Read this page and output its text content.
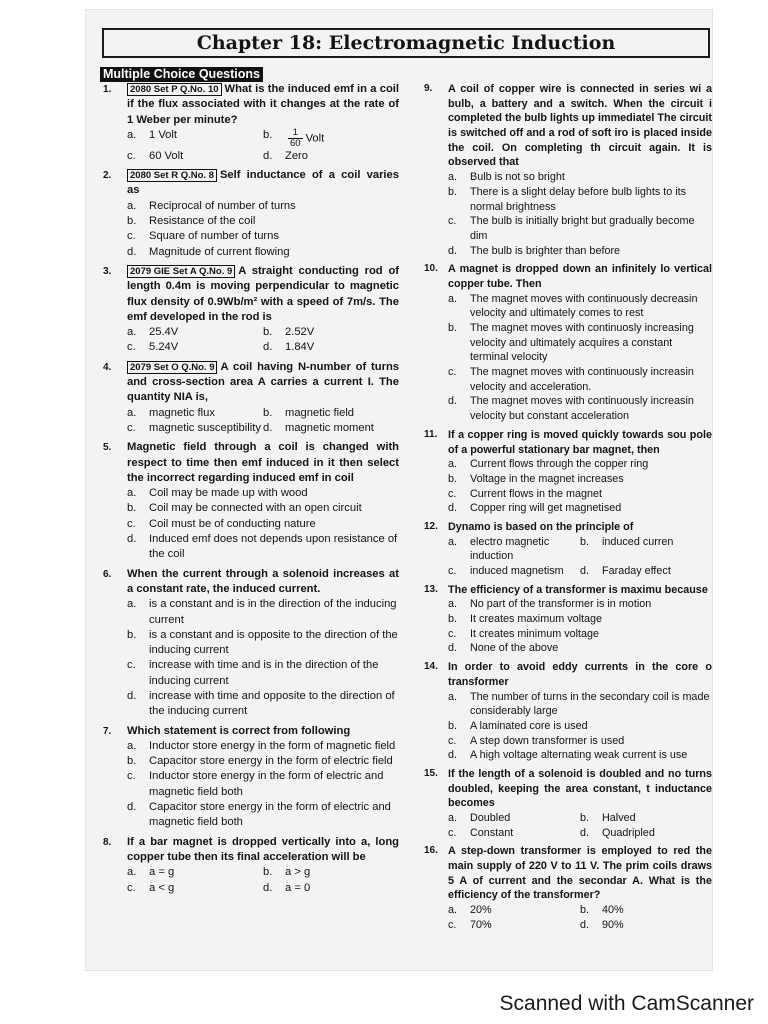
Chapter 18: Electromagnetic Induction
Multiple Choice Questions
1.	2080 Set P Q.No. 10 What is the induced emf in a coil if the flux associated with it changes at the rate of 1 Weber per minute?
a. 1 Volt	b. $\frac{1}{60}$ Volt
c. 60 Volt	d. Zero
2.	2080 Set R Q.No. 8 Self inductance of a coil varies as
a. Reciprocal of number of turns
b. Resistance of the coil
c. Square of number of turns
d. Magnitude of current flowing
3.	2079 GIE Set A Q.No. 9 A straight conducting rod of length 0.4m is moving perpendicular to magnetic flux density of 0.9Wb/m² with a speed of 7m/s. The emf developed in the rod is
a. 25.4V	b. 2.52V
c. 5.24V	d. 1.84V
4.	2079 Set O Q.No. 9 A coil having N-number of turns and cross-section area A carries a current I. The quantity NIA is,
a. magnetic flux	b. magnetic field
c. magnetic susceptibility d. magnetic moment
5. Magnetic field through a coil is changed with respect to time then emf induced in it then select the incorrect regarding induced emf in coil
a. Coil may be made up with wood
b. Coil may be connected with an open circuit
c. Coil must be of conducting nature
d. Induced emf does not depends upon resistance of the coil
6. When the current through a solenoid increases at a constant rate, the induced current.
a. is a constant and is in the direction of the inducing current
b. is a constant and is opposite to the direction of the inducing current
c. increase with time and is in the direction of the inducing current
d. increase with time and opposite to the direction of the inducing current
7. Which statement is correct from following
a. Inductor store energy in the form of magnetic field
b. Capacitor store energy in the form of electric field
c. Inductor store energy in the form of electric and magnetic field both
d. Capacitor store energy in the form of electric and magnetic field both
8. If a bar magnet is dropped vertically into a, long copper tube then its final acceleration will be
a. a = g	b. a > g
c. a < g	d. a = 0
9. A coil of copper wire is connected in series wi a bulb, a battery and a switch. When the circuit i completed the bulb lights up immediatel The circuit is switched off and a rod of soft iro is placed inside the coil. On completing th circuit again. It is observed that
a. Bulb is not so bright
b. There is a slight delay before bulb lights to its normal brightness
c. The bulb is initially bright but gradually become dim
d. The bulb is brighter than before
10. A magnet is dropped down an infinitely lo vertical copper tube. Then
a. The magnet moves with continuously decreasin velocity and ultimately comes to rest
b. The magnet moves with continuosly increasing velocity and ultimately acquires a constant terminal velocity
c. The magnet moves with continuously increasin velocity and acceleration.
d. The magnet moves with continuously increasin velocity but constant acceleration
11. If a copper ring is moved quickly towards sou pole of a powerful stationary bar magnet, then
a. Current flows through the copper ring
b. Voltage in the magnet increases
c. Current flows in the magnet
d. Copper ring will get magnetised
12. Dynamo is based on the principle of
a. electro magnetic induction
b. induced curren
c. induced magnetism	d. Faraday effect
13. The efficiency of a transformer is maximu because
a. No part of the transformer is in motion
b. It creates maximum voltage
c. It creates minimum voltage
d. None of the above
14. In order to avoid eddy currents in the core o transformer
a. The number of turns in the secondary coil is made considerably large
b. A laminated core is used
c. A step down transformer is used
d. A high voltage alternating weak current is use
15. If the length of a solenoid is doubled and no turns doubled, keeping the area constant, t inductance becomes
a. Doubled	b. Halved
c. Constant	d. Quadripled
16. A step-down transformer is employed to red the main supply of 220 V to 11 V. The prim coils draws 5 A of current and the secondar A. What is the efficiency of the transformer?
a. 20%	b. 40%
c. 70%	d. 90%
Scanned with CamScanner
